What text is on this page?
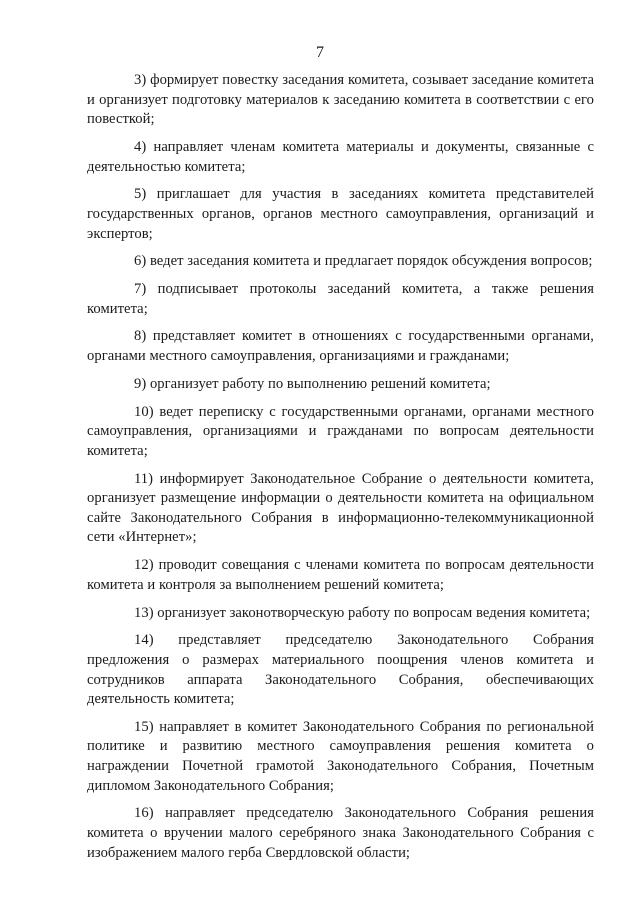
7

3) формирует повестку заседания комитета, созывает заседание комитета и организует подготовку материалов к заседанию комитета в соответствии с его повесткой;

4) направляет членам комитета материалы и документы, связанные с деятельностью комитета;

5) приглашает для участия в заседаниях комитета представителей государственных органов, органов местного самоуправления, организаций и экспертов;

6) ведет заседания комитета и предлагает порядок обсуждения вопросов;

7) подписывает протоколы заседаний комитета, а также решения комитета;

8) представляет комитет в отношениях с государственными органами, органами местного самоуправления, организациями и гражданами;

9) организует работу по выполнению решений комитета;

10) ведет переписку с государственными органами, органами местного самоуправления, организациями и гражданами по вопросам деятельности комитета;

11) информирует Законодательное Собрание о деятельности комитета, организует размещение информации о деятельности комитета на официальном сайте Законодательного Собрания в информационно-телекоммуникационной сети «Интернет»;

12) проводит совещания с членами комитета по вопросам деятельности комитета и контроля за выполнением решений комитета;

13) организует законотворческую работу по вопросам ведения комитета;

14) представляет председателю Законодательного Собрания предложения о размерах материального поощрения членов комитета и сотрудников аппарата Законодательного Собрания, обеспечивающих деятельность комитета;

15) направляет в комитет Законодательного Собрания по региональной политике и развитию местного самоуправления решения комитета о награждении Почетной грамотой Законодательного Собрания, Почетным дипломом Законодательного Собрания;

16) направляет председателю Законодательного Собрания решения комитета о вручении малого серебряного знака Законодательного Собрания с изображением малого герба Свердловской области;
